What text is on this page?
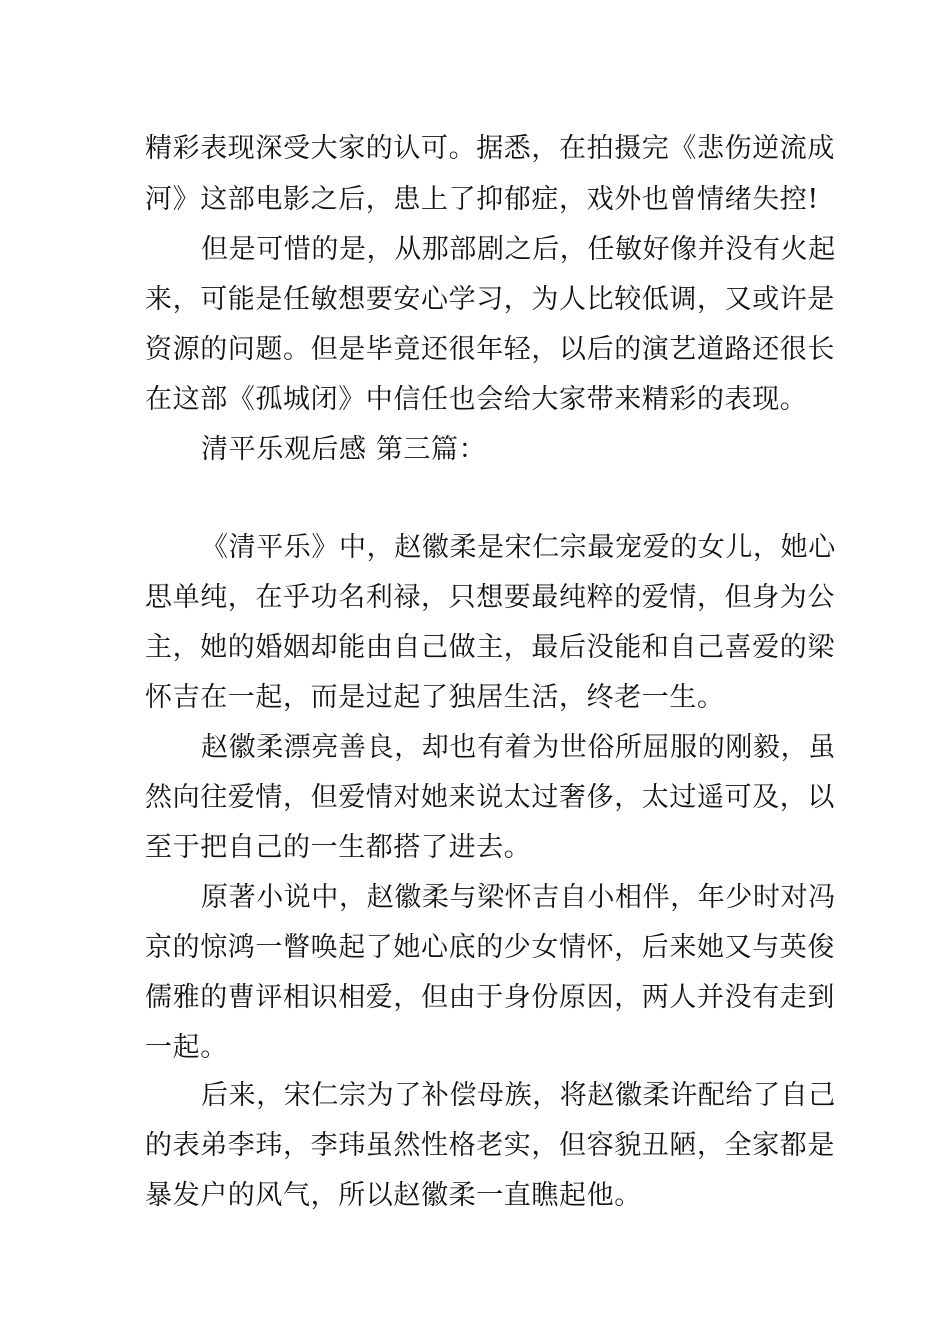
精彩表现深受大家的认可。据悉，在拍摄完《悲伤逆流成
河》这部电影之后，患上了抑郁症，戏外也曾情绪失控!
但是可惜的是，从那部剧之后，任敏好像并没有火起
来，可能是任敏想要安心学习，为人比较低调，又或许是
资源的问题。但是毕竟还很年轻，以后的演艺道路还很长
在这部《孤城闭》中信任也会给大家带来精彩的表现。
清平乐观后感 第三篇：
《清平乐》中，赵徽柔是宋仁宗最宠爱的女儿，她心
思单纯，在乎功名利禄，只想要最纯粹的爱情，但身为公
主，她的婚姻却能由自己做主，最后没能和自己喜爱的梁
怀吉在一起，而是过起了独居生活，终老一生。
赵徽柔漂亮善良，却也有着为世俗所屈服的刚毅，虽
然向往爱情，但爱情对她来说太过奢侈，太过遥可及，以
至于把自己的一生都搭了进去。
原著小说中，赵徽柔与梁怀吉自小相伴，年少时对冯
京的惊鸿一瞥唤起了她心底的少女情怀，后来她又与英俊
儒雅的曹评相识相爱，但由于身份原因，两人并没有走到
一起。
后来，宋仁宗为了补偿母族，将赵徽柔许配给了自己
的表弟李玮，李玮虽然性格老实，但容貌丑陋，全家都是
暴发户的风气，所以赵徽柔一直瞧起他。
